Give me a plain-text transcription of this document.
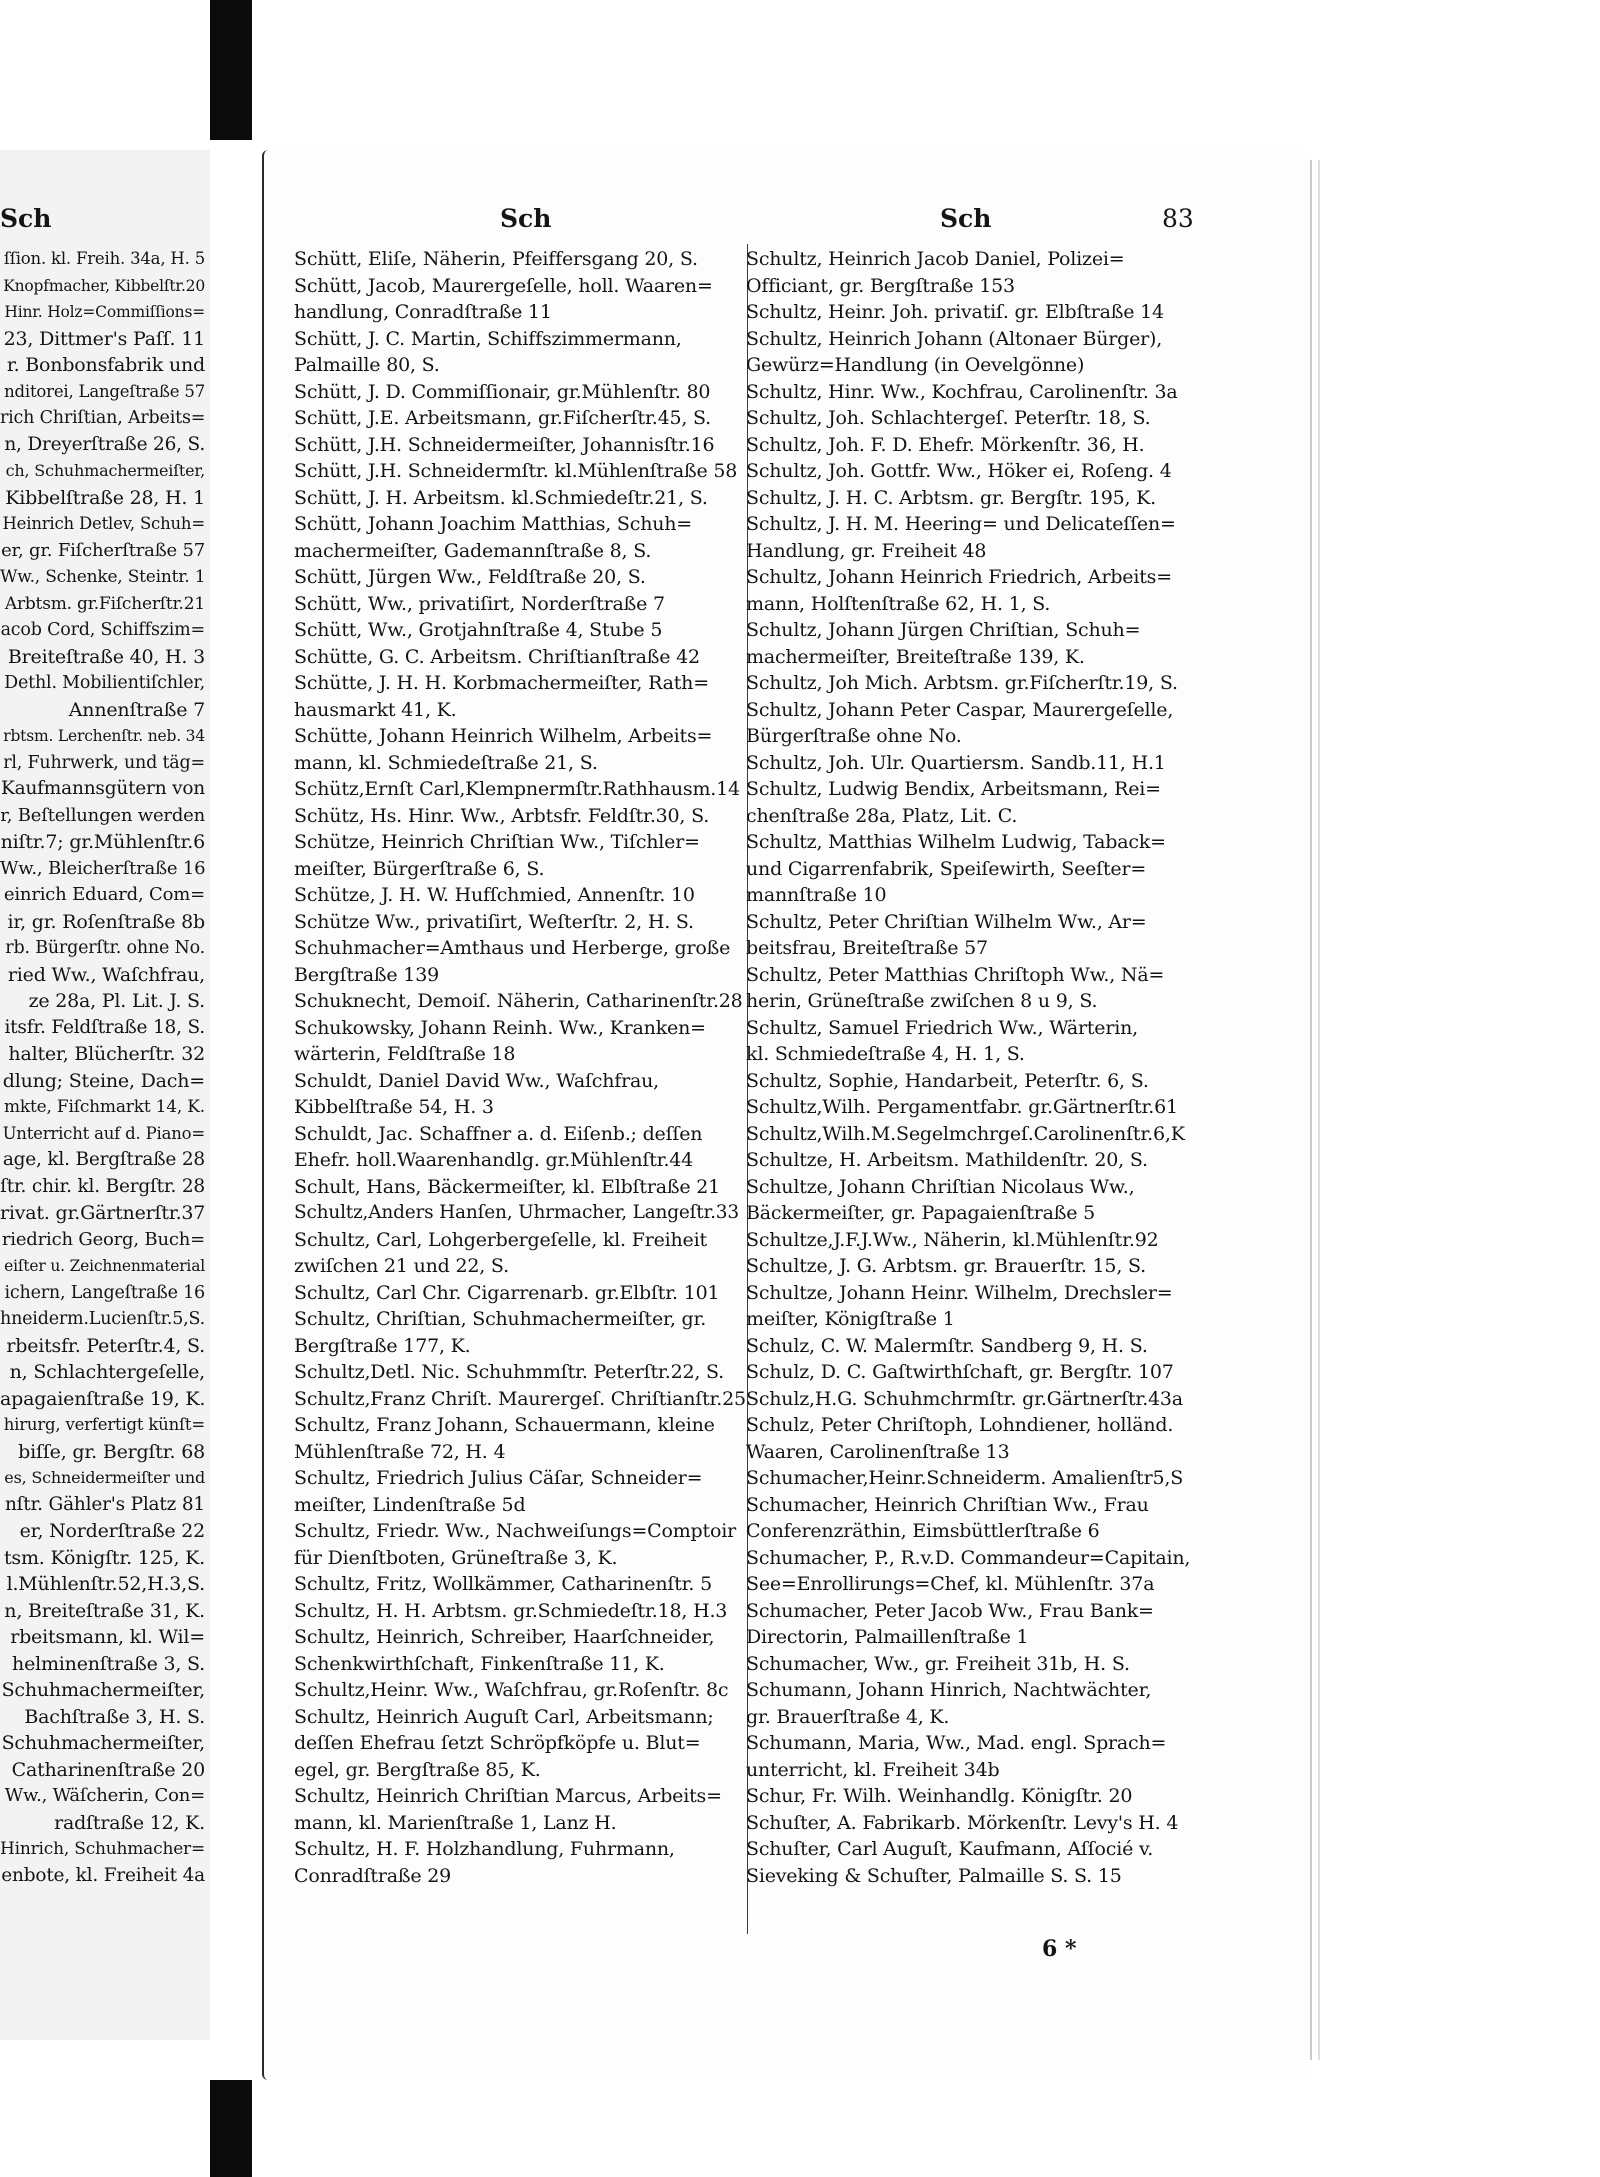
Sch
ſſion. kl. Freih. 34a, H. 5
Knopfmacher, Kibbelſtr.20
Hinr. Holz=Commiſſions=
23, Dittmer's Paſſ. 11
r. Bonbonsfabrik und
nditorei, Langeſtraße 57
rich Chriſtian, Arbeits=
n, Dreyerſtraße 26, S.
ch, Schuhmachermeiſter,
Kibbelſtraße 28, H. 1
Heinrich Detlev, Schuh=
er, gr. Fiſcherſtraße 57
Ww., Schenke, Steintr. 1
Arbtsm. gr.Fiſcherſtr.21
acob Cord, Schiffszim=
Breiteſtraße 40, H. 3
Dethl. Mobilientiſchler,
Annenſtraße 7
rbtsm. Lerchenſtr. neb. 34
rl, Fuhrwerk, und täg=
Kaufmannsgütern von
r, Beſtellungen werden
niſtr.7; gr.Mühlenſtr.6
Ww., Bleicherſtraße 16
einrich Eduard, Com=
ir, gr. Roſenſtraße 8b
rb. Bürgerſtr. ohne No.
ried Ww., Waſchfrau,
ze 28a, Pl. Lit. J. S.
itsfr. Feldſtraße 18, S.
halter, Blücherſtr. 32
dlung; Steine, Dach=
mkte, Fiſchmarkt 14, K.
Unterricht auf d. Piano=
age, kl. Bergſtraße 28
ſtr. chir. kl. Bergſtr. 28
rivat. gr.Gärtnerſtr.37
riedrich Georg, Buch=
eiſter u. Zeichnenmaterial
ichern, Langeſtraße 16
hneiderm.Lucienſtr.5,S.
rbeitsfr. Peterſtr.4, S.
n, Schlachtergeſelle,
apagaienſtraße 19, K.
hirurg, verfertigt künſt=
biſſe, gr. Bergſtr. 68
es, Schneidermeiſter und
nſtr. Gähler's Platz 81
er, Norderſtraße 22
tsm. Königſtr. 125, K.
l.Mühlenſtr.52,H.3,S.
n, Breiteſtraße 31, K.
rbeitsmann, kl. Wil=
helminenſtraße 3, S.
Schuhmachermeiſter,
Bachſtraße 3, H. S.
Schuhmachermeiſter,
Catharinenſtraße 20
Ww., Wäſcherin, Con=
radſtraße 12, K.
Hinrich, Schuhmacher=
enbote, kl. Freiheit 4a
Sch	Sch	83
Schütt, Eliſe, Näherin, Pfeiffersgang 20, S.
Schütt, Jacob, Maurergeſelle, holl. Waaren=
handlung, Conradſtraße 11
Schütt, J. C. Martin, Schiffszimmermann,
Palmaille 80, S.
Schütt, J. D. Commiſſionair, gr.Mühlenſtr. 80
Schütt, J.E. Arbeitsmann, gr.Fiſcherſtr.45, S.
Schütt, J.H. Schneidermeiſter, Johannisſtr.16
Schütt, J.H. Schneidermſtr. kl.Mühlenſtraße 58
Schütt, J. H. Arbeitsm. kl.Schmiedeſtr.21, S.
Schütt, Johann Joachim Matthias, Schuh=
machermeiſter, Gademannſtraße 8, S.
Schütt, Jürgen Ww., Feldſtraße 20, S.
Schütt, Ww., privatiſirt, Norderſtraße 7
Schütt, Ww., Grotjahnſtraße 4, Stube 5
Schütte, G. C. Arbeitsm. Chriſtianſtraße 42
Schütte, J. H. H. Korbmachermeiſter, Rath=
hausmarkt 41, K.
Schütte, Johann Heinrich Wilhelm, Arbeits=
mann, kl. Schmiedeſtraße 21, S.
Schütz,Ernſt Carl,Klempnermſtr.Rathhausm.14
Schütz, Hs. Hinr. Ww., Arbtsfr. Feldſtr.30, S.
Schütze, Heinrich Chriſtian Ww., Tiſchler=
meiſter, Bürgerſtraße 6, S.
Schütze, J. H. W. Hufſchmied, Annenſtr. 10
Schütze Ww., privatiſirt, Weſterſtr. 2, H. S.
Schuhmacher=Amthaus und Herberge, große
Bergſtraße 139
Schuknecht, Demoiſ. Näherin, Catharinenſtr.28
Schukowsky, Johann Reinh. Ww., Kranken=
wärterin, Feldſtraße 18
Schuldt, Daniel David Ww., Waſchfrau,
Kibbelſtraße 54, H. 3
Schuldt, Jac. Schaffner a. d. Eiſenb.; deſſen
Ehefr. holl.Waarenhandlg. gr.Mühlenſtr.44
Schult, Hans, Bäckermeiſter, kl. Elbſtraße 21
Schultz,Anders Hanſen, Uhrmacher, Langeſtr.33
Schultz, Carl, Lohgerbergeſelle, kl. Freiheit
zwiſchen 21 und 22, S.
Schultz, Carl Chr. Cigarrenarb. gr.Elbſtr. 101
Schultz, Chriſtian, Schuhmachermeiſter, gr.
Bergſtraße 177, K.
Schultz,Detl. Nic. Schuhmmſtr. Peterſtr.22, S.
Schultz,Franz Chriſt. Maurergeſ. Chriſtianſtr.25
Schultz, Franz Johann, Schauermann, kleine
Mühlenſtraße 72, H. 4
Schultz, Friedrich Julius Cäſar, Schneider=
meiſter, Lindenſtraße 5d
Schultz, Friedr. Ww., Nachweiſungs=Comptoir
für Dienſtboten, Grüneſtraße 3, K.
Schultz, Fritz, Wollkämmer, Catharinenſtr. 5
Schultz, H. H. Arbtsm. gr.Schmiedeſtr.18, H.3
Schultz, Heinrich, Schreiber, Haarſchneider,
Schenkwirthſchaft, Finkenſtraße 11, K.
Schultz,Heinr. Ww., Waſchfrau, gr.Roſenſtr. 8c
Schultz, Heinrich Auguſt Carl, Arbeitsmann;
deſſen Ehefrau ſetzt Schröpfköpfe u. Blut=
egel, gr. Bergſtraße 85, K.
Schultz, Heinrich Chriſtian Marcus, Arbeits=
mann, kl. Marienſtraße 1, Lanz H.
Schultz, H. F. Holzhandlung, Fuhrmann,
Conradſtraße 29
Schultz, Heinrich Jacob Daniel, Polizei=
Officiant, gr. Bergſtraße 153
Schultz, Heinr. Joh. privatiſ. gr. Elbſtraße 14
Schultz, Heinrich Johann (Altonaer Bürger),
Gewürz=Handlung (in Oevelgönne)
Schultz, Hinr. Ww., Kochfrau, Carolinenſtr. 3a
Schultz, Joh. Schlachtergeſ. Peterſtr. 18, S.
Schultz, Joh. F. D. Ehefr. Mörkenſtr. 36, H.
Schultz, Joh. Gottfr. Ww., Höker ei, Roſeng. 4
Schultz, J. H. C. Arbtsm. gr. Bergſtr. 195, K.
Schultz, J. H. M. Heering= und Delicateſſen=
Handlung, gr. Freiheit 48
Schultz, Johann Heinrich Friedrich, Arbeits=
mann, Holſtenſtraße 62, H. 1, S.
Schultz, Johann Jürgen Chriſtian, Schuh=
machermeiſter, Breiteſtraße 139, K.
Schultz, Joh Mich. Arbtsm. gr.Fiſcherſtr.19, S.
Schultz, Johann Peter Caspar, Maurergeſelle,
Bürgerſtraße ohne No.
Schultz, Joh. Ulr. Quartiersm. Sandb.11, H.1
Schultz, Ludwig Bendix, Arbeitsmann, Rei=
chenſtraße 28a, Platz, Lit. C.
Schultz, Matthias Wilhelm Ludwig, Taback=
und Cigarrenfabrik, Speiſewirth, Seeſter=
mannſtraße 10
Schultz, Peter Chriſtian Wilhelm Ww., Ar=
beitsfrau, Breiteſtraße 57
Schultz, Peter Matthias Chriſtoph Ww., Nä=
herin, Grüneſtraße zwiſchen 8 u 9, S.
Schultz, Samuel Friedrich Ww., Wärterin,
kl. Schmiedeſtraße 4, H. 1, S.
Schultz, Sophie, Handarbeit, Peterſtr. 6, S.
Schultz,Wilh. Pergamentfabr. gr.Gärtnerſtr.61
Schultz,Wilh.M.Segelmchrgeſ.Carolinenſtr.6,K
Schultze, H. Arbeitsm. Mathildenſtr. 20, S.
Schultze, Johann Chriſtian Nicolaus Ww.,
Bäckermeiſter, gr. Papagaienſtraße 5
Schultze,J.F.J.Ww., Näherin, kl.Mühlenſtr.92
Schultze, J. G. Arbtsm. gr. Brauerſtr. 15, S.
Schultze, Johann Heinr. Wilhelm, Drechsler=
meiſter, Königſtraße 1
Schulz, C. W. Malermſtr. Sandberg 9, H. S.
Schulz, D. C. Gaſtwirthſchaft, gr. Bergſtr. 107
Schulz,H.G. Schuhmchrmſtr. gr.Gärtnerſtr.43a
Schulz, Peter Chriſtoph, Lohndiener, holländ.
Waaren, Carolinenſtraße 13
Schumacher,Heinr.Schneiderm. Amalienſtr5,S
Schumacher, Heinrich Chriſtian Ww., Frau
Conferenzräthin, Eimsbüttlerſtraße 6
Schumacher, P., R.v.D. Commandeur=Capitain,
See=Enrollirungs=Chef, kl. Mühlenſtr. 37a
Schumacher, Peter Jacob Ww., Frau Bank=
Directorin, Palmaillenſtraße 1
Schumacher, Ww., gr. Freiheit 31b, H. S.
Schumann, Johann Hinrich, Nachtwächter,
gr. Brauerſtraße 4, K.
Schumann, Maria, Ww., Mad. engl. Sprach=
unterricht, kl. Freiheit 34b
Schur, Fr. Wilh. Weinhandlg. Königſtr. 20
Schuſter, A. Fabrikarb. Mörkenſtr. Levy's H. 4
Schuſter, Carl Auguſt, Kaufmann, Aſſocié v.
Sieveking & Schuſter, Palmaille S. S. 15
6 *
